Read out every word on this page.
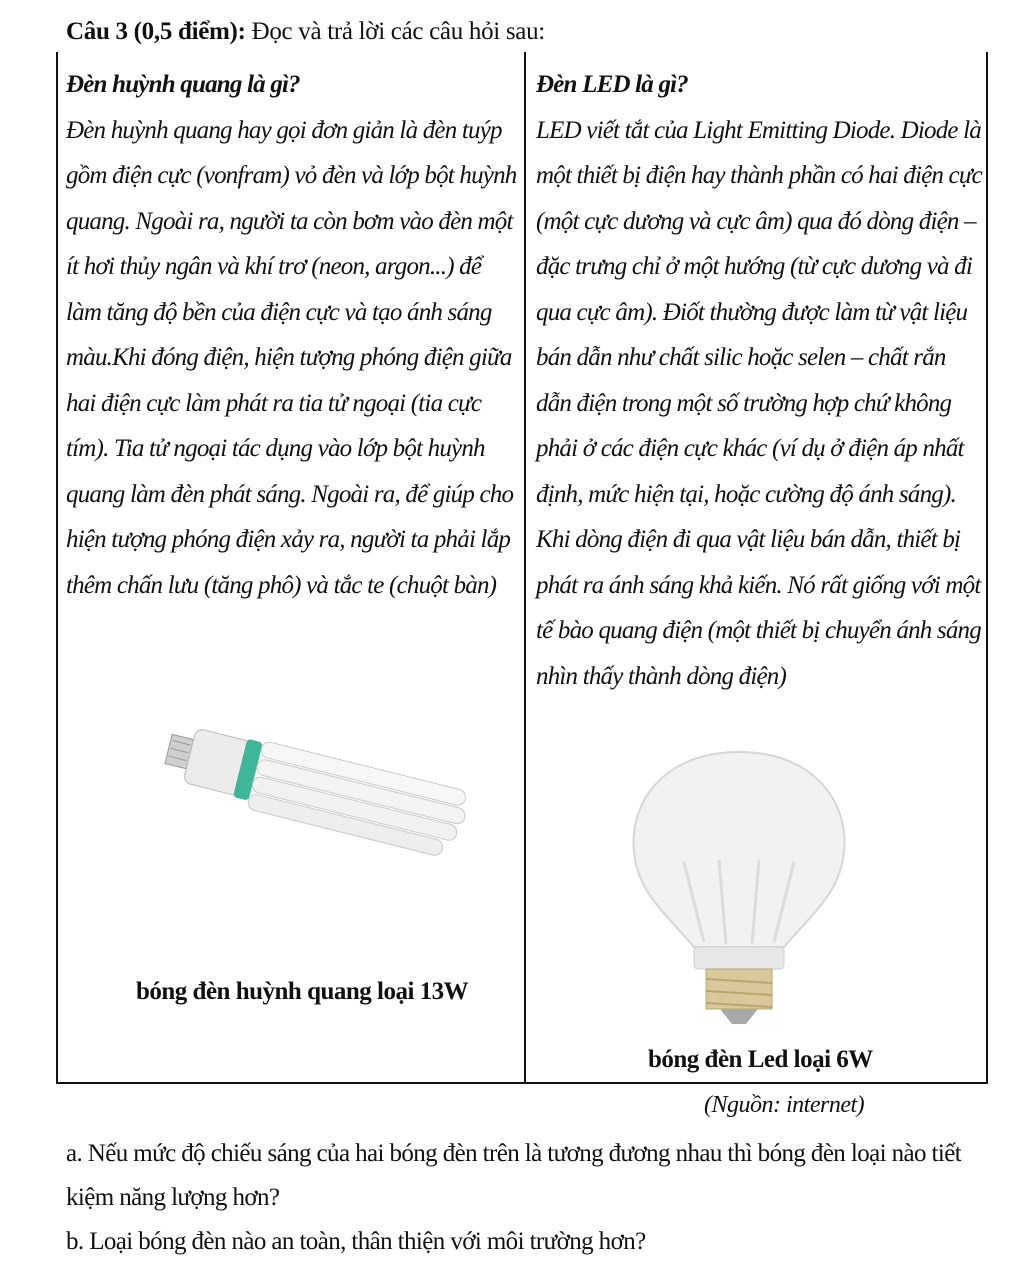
Câu 3 (0,5 điểm): Đọc và trả lời các câu hỏi sau:

Đèn huỳnh quang là gì?

Đèn huỳnh quang hay gọi đơn giản là đèn tuýp gồm điện cực (vonfram) vỏ đèn và lớp bột huỳnh quang. Ngoài ra, người ta còn bơm vào đèn một ít hơi thủy ngân và khí trơ (neon, argon...) để làm tăng độ bền của điện cực và tạo ánh sáng màu.Khi đóng điện, hiện tượng phóng điện giữa hai điện cực làm phát ra tia tử ngoại (tia cực tím). Tia tử ngoại tác dụng vào lớp bột huỳnh quang làm đèn phát sáng. Ngoài ra, để giúp cho hiện tượng phóng điện xảy ra, người ta phải lắp thêm chấn lưu (tăng phô) và tắc te (chuột bàn)

Đèn LED là gì?

LED viết tắt của Light Emitting Diode. Diode là một thiết bị điện hay thành phần có hai điện cực (một cực dương và cực âm) qua đó dòng điện – đặc trưng chỉ ở một hướng (từ cực dương và đi qua cực âm). Điốt thường được làm từ vật liệu bán dẫn như chất silic hoặc selen – chất rắn dẫn điện trong một số trường hợp chứ không phải ở các điện cực khác (ví dụ ở điện áp nhất định, mức hiện tại, hoặc cường độ ánh sáng). Khi dòng điện đi qua vật liệu bán dẫn, thiết bị phát ra ánh sáng khả kiến. Nó rất giống với một tế bào quang điện (một thiết bị chuyển ánh sáng nhìn thấy thành dòng điện)

bóng đèn huỳnh quang loại 13W
bóng đèn Led loại 6W
(Nguồn: internet)

a. Nếu mức độ chiếu sáng của hai bóng đèn trên là tương đương nhau thì bóng đèn loại nào tiết kiệm năng lượng hơn?

b. Loại bóng đèn nào an toàn, thân thiện với môi trường hơn?
